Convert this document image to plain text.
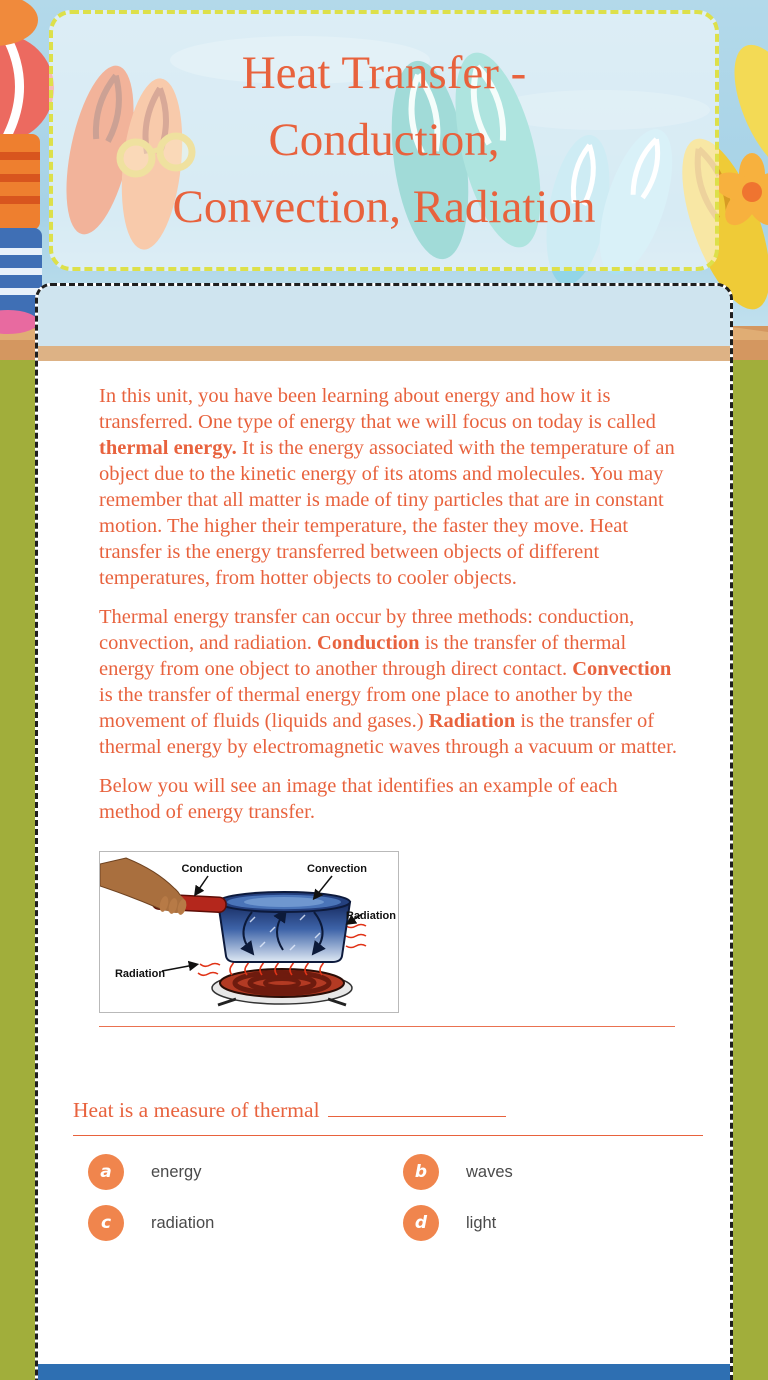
Heat Transfer -
Conduction,
Convection, Radiation

In this unit, you have been learning about energy and how it is transferred. One type of energy that we will focus on today is called thermal energy. It is the energy associated with the temperature of an object due to the kinetic energy of its atoms and molecules. You may remember that all matter is made of tiny particles that are in constant motion. The higher their temperature, the faster they move. Heat transfer is the energy transferred between objects of different temperatures, from hotter objects to cooler objects.

Thermal energy transfer can occur by three methods: conduction, convection, and radiation. Conduction is the transfer of thermal energy from one object to another through direct contact. Convection is the transfer of thermal energy from one place to another by the movement of fluids (liquids and gases.) Radiation is the transfer of thermal energy by electromagnetic waves through a vacuum or matter.

Below you will see an image that identifies an example of each method of energy transfer.

Conduction	Convection
Radiation
Radiation
Heat is a measure of thermal
a	energy	b	waves
c	radiation	d	light
